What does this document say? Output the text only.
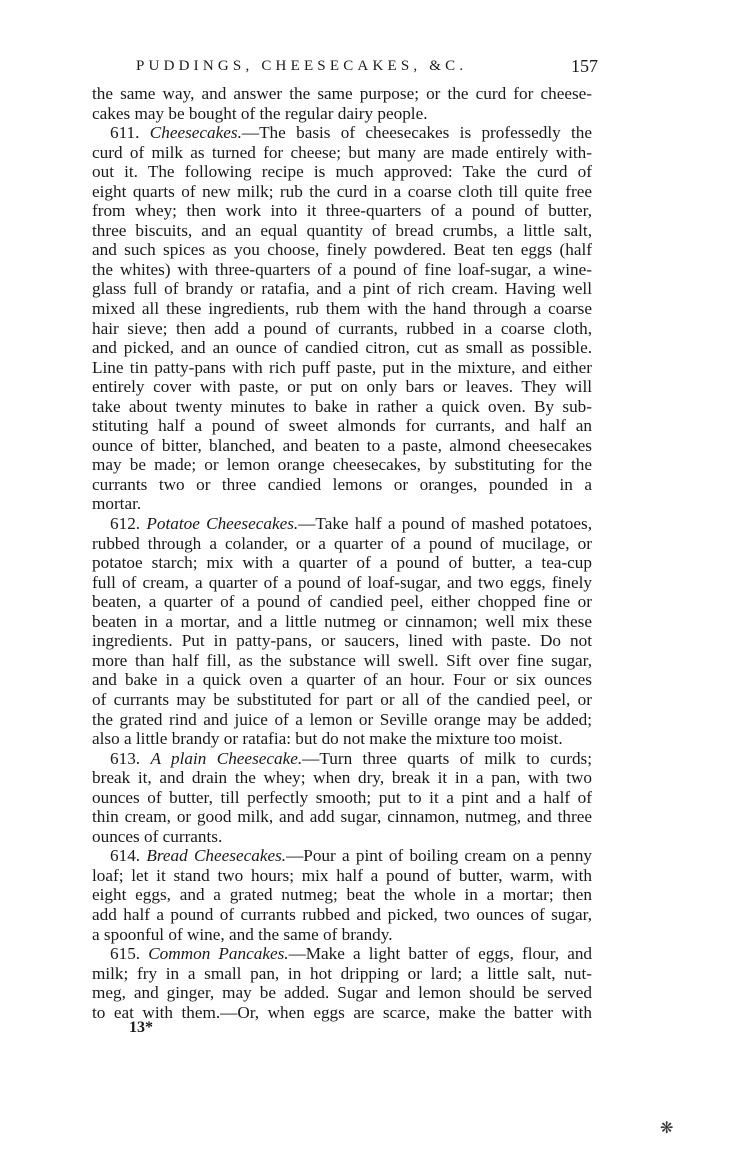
PUDDINGS, CHEESECAKES, &C.	157
the same way, and answer the same purpose; or the curd for cheese-
cakes may be bought of the regular dairy people.
611. Cheesecakes.—The basis of cheesecakes is professedly the
curd of milk as turned for cheese; but many are made entirely with-
out it. The following recipe is much approved: Take the curd of
eight quarts of new milk; rub the curd in a coarse cloth till quite free
from whey; then work into it three-quarters of a pound of butter,
three biscuits, and an equal quantity of bread crumbs, a little salt,
and such spices as you choose, finely powdered. Beat ten eggs (half
the whites) with three-quarters of a pound of fine loaf-sugar, a wine-
glass full of brandy or ratafia, and a pint of rich cream. Having well
mixed all these ingredients, rub them with the hand through a coarse
hair sieve; then add a pound of currants, rubbed in a coarse cloth,
and picked, and an ounce of candied citron, cut as small as possible.
Line tin patty-pans with rich puff paste, put in the mixture, and either
entirely cover with paste, or put on only bars or leaves. They will
take about twenty minutes to bake in rather a quick oven. By sub-
stituting half a pound of sweet almonds for currants, and half an
ounce of bitter, blanched, and beaten to a paste, almond cheesecakes
may be made; or lemon orange cheesecakes, by substituting for the
currants two or three candied lemons or oranges, pounded in a
mortar.
612. Potatoe Cheesecakes.—Take half a pound of mashed potatoes,
rubbed through a colander, or a quarter of a pound of mucilage, or
potatoe starch; mix with a quarter of a pound of butter, a tea-cup
full of cream, a quarter of a pound of loaf-sugar, and two eggs, finely
beaten, a quarter of a pound of candied peel, either chopped fine or
beaten in a mortar, and a little nutmeg or cinnamon; well mix these
ingredients. Put in patty-pans, or saucers, lined with paste. Do not
more than half fill, as the substance will swell. Sift over fine sugar,
and bake in a quick oven a quarter of an hour. Four or six ounces
of currants may be substituted for part or all of the candied peel, or
the grated rind and juice of a lemon or Seville orange may be added;
also a little brandy or ratafia: but do not make the mixture too moist.
613. A plain Cheesecake.—Turn three quarts of milk to curds;
break it, and drain the whey; when dry, break it in a pan, with two
ounces of butter, till perfectly smooth; put to it a pint and a half of
thin cream, or good milk, and add sugar, cinnamon, nutmeg, and three
ounces of currants.
614. Bread Cheesecakes.—Pour a pint of boiling cream on a penny
loaf; let it stand two hours; mix half a pound of butter, warm, with
eight eggs, and a grated nutmeg; beat the whole in a mortar; then
add half a pound of currants rubbed and picked, two ounces of sugar,
a spoonful of wine, and the same of brandy.
615. Common Pancakes.—Make a light batter of eggs, flour, and
milk; fry in a small pan, in hot dripping or lard; a little salt, nut-
meg, and ginger, may be added. Sugar and lemon should be served
to eat with them.—Or, when eggs are scarce, make the batter with
13*
❋
